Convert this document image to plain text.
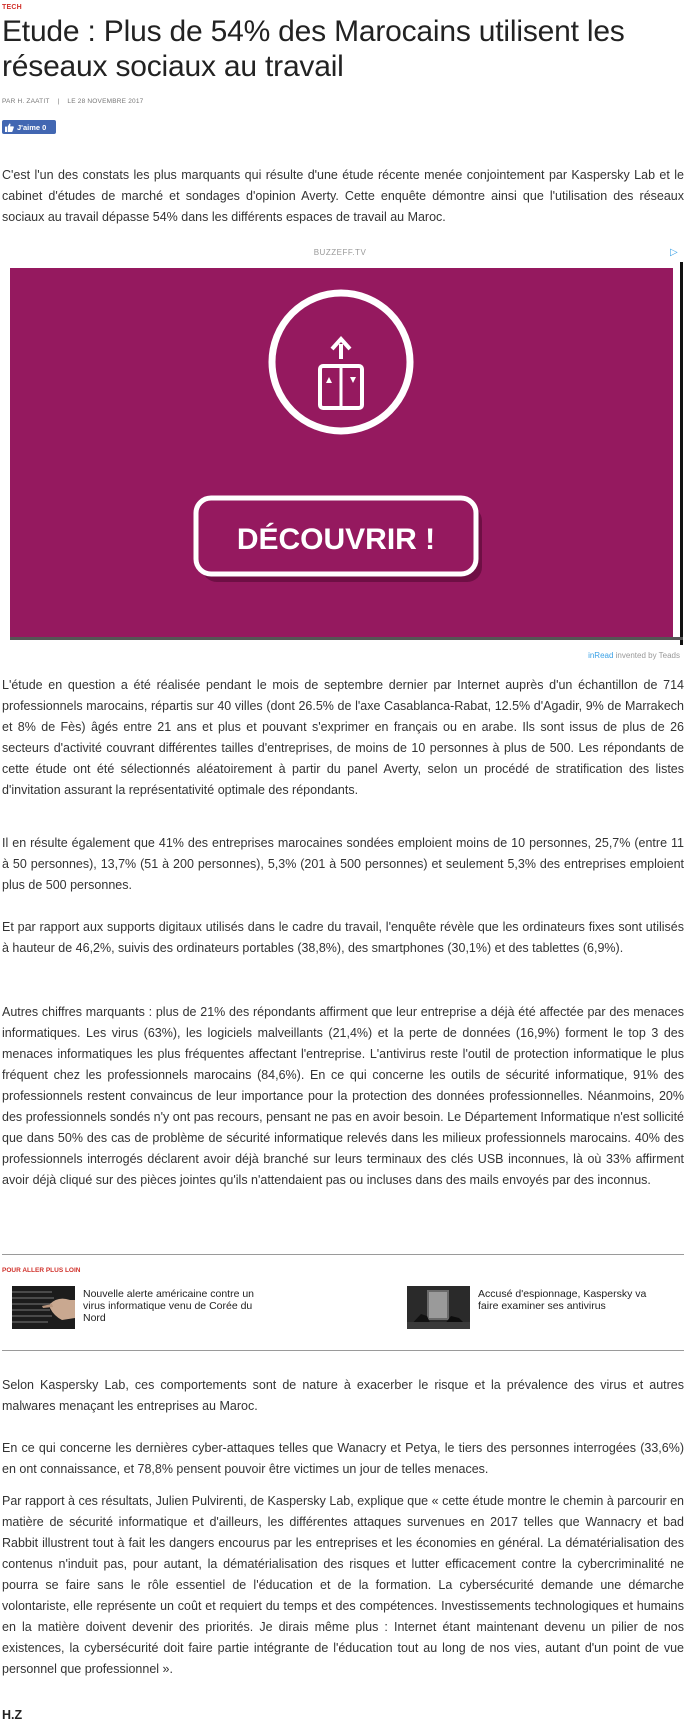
TECH
Etude : Plus de 54% des Marocains utilisent les réseaux sociaux au travail
PAR H. ZAATIT | LE 28 NOVEMBRE 2017
J'aime 0

C'est l'un des constats les plus marquants qui résulte d'une étude récente menée conjointement par Kaspersky Lab et le cabinet d'études de marché et sondages d'opinion Averty. Cette enquête démontre ainsi que l'utilisation des réseaux sociaux au travail dépasse 54% dans les différents espaces de travail au Maroc.

BUZZEFF.TV	▷
DÉCOUVRIR !
inRead invented by Teads

L'étude en question a été réalisée pendant le mois de septembre dernier par Internet auprès d'un échantillon de 714 professionnels marocains, répartis sur 40 villes (dont 26.5% de l'axe Casablanca-Rabat, 12.5% d'Agadir, 9% de Marrakech et 8% de Fès) âgés entre 21 ans et plus et pouvant s'exprimer en français ou en arabe. Ils sont issus de plus de 26 secteurs d'activité couvrant différentes tailles d'entreprises, de moins de 10 personnes à plus de 500. Les répondants de cette étude ont été sélectionnés aléatoirement à partir du panel Averty, selon un procédé de stratification des listes d'invitation assurant la représentativité optimale des répondants.

Il en résulte également que 41% des entreprises marocaines sondées emploient moins de 10 personnes, 25,7% (entre 11 à 50 personnes), 13,7% (51 à 200 personnes), 5,3% (201 à 500 personnes) et seulement 5,3% des entreprises emploient plus de 500 personnes.

Et par rapport aux supports digitaux utilisés dans le cadre du travail, l'enquête révèle que les ordinateurs fixes sont utilisés à hauteur de 46,2%, suivis des ordinateurs portables (38,8%), des smartphones (30,1%) et des tablettes (6,9%).

Autres chiffres marquants : plus de 21% des répondants affirment que leur entreprise a déjà été affectée par des menaces informatiques. Les virus (63%), les logiciels malveillants (21,4%) et la perte de données (16,9%) forment le top 3 des menaces informatiques les plus fréquentes affectant l'entreprise. L'antivirus reste l'outil de protection informatique le plus fréquent chez les professionnels marocains (84,6%). En ce qui concerne les outils de sécurité informatique, 91% des professionnels restent convaincus de leur importance pour la protection des données professionnelles. Néanmoins, 20% des professionnels sondés n'y ont pas recours, pensant ne pas en avoir besoin. Le Département Informatique n'est sollicité que dans 50% des cas de problème de sécurité informatique relevés dans les milieux professionnels marocains. 40% des professionnels interrogés déclarent avoir déjà branché sur leurs terminaux des clés USB inconnues, là où 33% affirment avoir déjà cliqué sur des pièces jointes qu'ils n'attendaient pas ou incluses dans des mails envoyés par des inconnus.

POUR ALLER PLUS LOIN
Nouvelle alerte américaine contre un virus informatique venu de Corée du Nord
Accusé d'espionnage, Kaspersky va faire examiner ses antivirus

Selon Kaspersky Lab, ces comportements sont de nature à exacerber le risque et la prévalence des virus et autres malwares menaçant les entreprises au Maroc.

En ce qui concerne les dernières cyber-attaques telles que Wanacry et Petya, le tiers des personnes interrogées (33,6%) en ont connaissance, et 78,8% pensent pouvoir être victimes un jour de telles menaces.

Par rapport à ces résultats, Julien Pulvirenti, de Kaspersky Lab, explique que « cette étude montre le chemin à parcourir en matière de sécurité informatique et d'ailleurs, les différentes attaques survenues en 2017 telles que Wannacry et bad Rabbit illustrent tout à fait les dangers encourus par les entreprises et les économies en général. La dématérialisation des contenus n'induit pas, pour autant, la dématérialisation des risques et lutter efficacement contre la cybercriminalité ne pourra se faire sans le rôle essentiel de l'éducation et de la formation. La cybersécurité demande une démarche volontariste, elle représente un coût et requiert du temps et des compétences. Investissements technologiques et humains en la matière doivent devenir des priorités. Je dirais même plus : Internet étant maintenant devenu un pilier de nos existences, la cybersécurité doit faire partie intégrante de l'éducation tout au long de nos vies, autant d'un point de vue personnel que professionnel ».

H.Z
